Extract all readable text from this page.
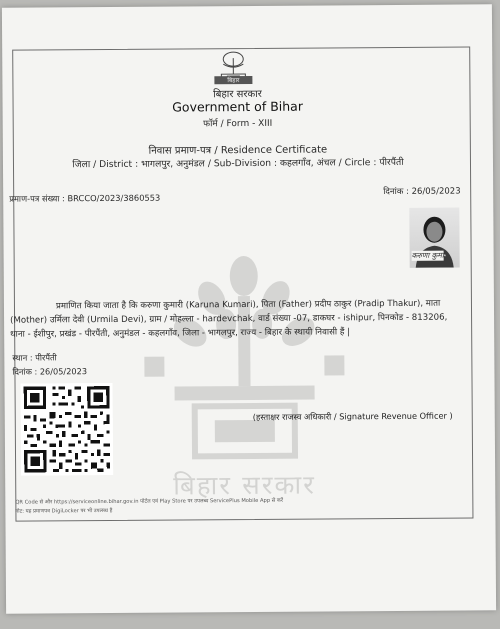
बिहार सरकार
बिहार
बिहार सरकार
Government of Bihar
फॉर्म / Form - XIII
निवास प्रमाण-पत्र / Residence Certificate
जिला / District : भागलपुर, अनुमंडल / Sub-Division : कहलगाँव, अंचल / Circle : पीरपैंती
प्रमाण-पत्र संख्या : BRCCO/2023/3860553
दिनांक : 26/05/2023
करुणा कुमा
प्रमाणित किया जाता है कि करुणा कुमारी (Karuna Kumari), पिता (Father) प्रदीप ठाकुर (Pradip Thakur), माता
(Mother) उर्मिला देवी (Urmila Devi), ग्राम / मोहल्ला - hardevchak, वार्ड संख्या -07, डाकघर - ishipur, पिनकोड - 813206,
थाना - ईशीपुर, प्रखंड - पीरपैंती, अनुमंडल - कहलगाँव, जिला - भागलपुर, राज्य - बिहार के स्थायी निवासी हैं |
स्थान : पीरपैंती
दिनांक : 26/05/2023
(हस्ताक्षर राजस्व अधिकारी / Signature Revenue Officer )
QR Code से और https://serviceonline.bihar.gov.in पोर्टल एवं Play Store पर उपलब्ध ServicePlus Mobile App से करें
नोट: यह प्रमाणपत्र DigiLocker पर भी उपलब्ध है
